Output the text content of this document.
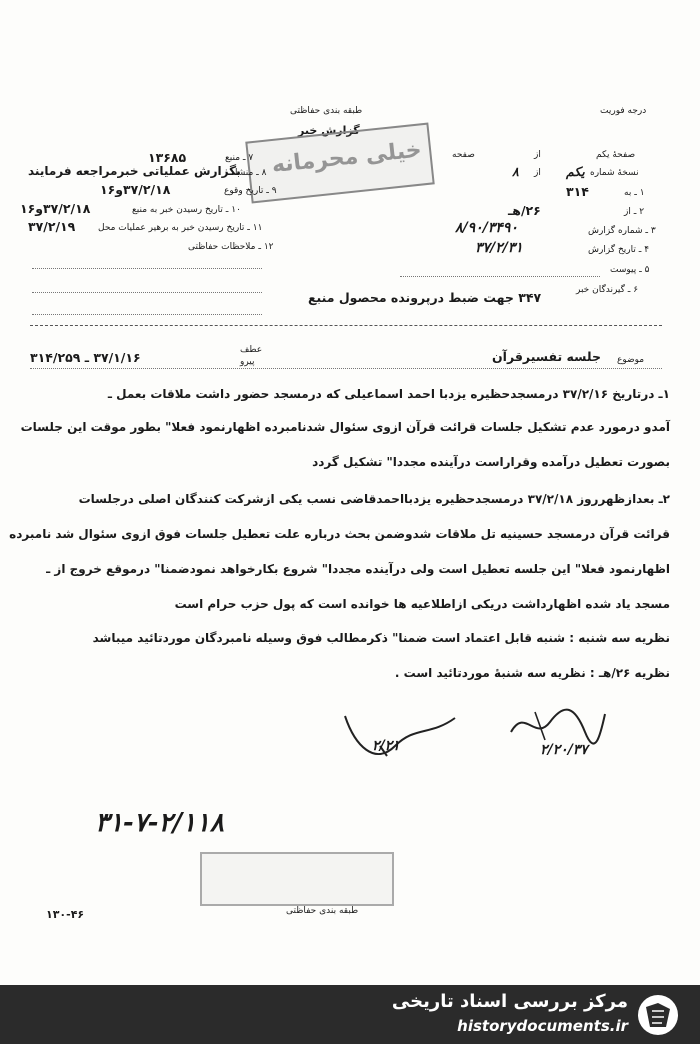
طبقه بندی حفاظتی	درجه فوریت
گزارش خبر
خیلی محرمانه
۷ ـ منبع
۱۳۶۸۵
۸ ـ منشا
بگزارش عملیاتی خبرمراجعه فرمایند
۹ ـ تاریخ وقوع
۳۷/۲/۱۸و۱۶
۱۰ ـ تاریخ رسیدن خبر به منبع
۳۷/۲/۱۸و۱۶
۱۱ ـ تاریخ رسیدن خبر به برهیر عملیات محل
۳۷/۲/۱۹
۱۲ ـ ملاحظات حفاظتی
صفحهٔ یکم
از
صفحه
نسخهٔ شماره
یکم
از
۸
۱ ـ به
۳۱۴
۲ ـ از
۲۶/هـ
۳ ـ شماره گزارش
۸/۹۰/۳۴۹۰
۴ ـ تاریخ گزارش
۳۷/۲/۳۱
۵ ـ پیوست
۶ ـ گیرندگان خبر
۳۴۷ جهت ضبط درپرونده محصول منبع
موضوع
جلسه تفسیرقرآن
عطف
پیرو
۳۷/۱/۱۶ ـ ۳۱۴/۲۵۹
۱ـ درتاریخ ۳۷/۲/۱۶ درمسجدحظیره یزدبا احمد اسماعیلی که درمسجد حضور داشت ملاقات بعمل ـ
آمدو درمورد عدم تشکیل جلسات قرائت قرآن ازوی سئوال شدنامبرده اظهارنمود فعلا" بطور موقت این جلسات
بصورت تعطیل درآمده وقراراست درآینده مجددا" تشکیل گردد
۲ـ بعدازظهرروز ۳۷/۲/۱۸ درمسجدحظیره یزدبااحمدقاضی نسب یکی ازشرکت کنندگان اصلی درجلسات
قرائت قرآن درمسجد حسینیه تل ملاقات شدوضمن بحث درباره علت تعطیل جلسات فوق ازوی سئوال شد نامبرده
اظهارنمود فعلا" این جلسه تعطیل است ولی درآینده مجددا" شروع بکارخواهد نمودضمنا" درموقع خروج از ـ
مسجد یاد شده اظهارداشت دریکی ازاطلاعیه ها خوانده است که پول حزب حرام است
نظریه سه شنبه : شنبه قابل اعتماد است ضمنا" ذکرمطالب فوق وسیله نامبردگان موردتائید میباشد
نظریه ۲۶/هـ : نظریه سه شنبهٔ موردتائید است .
۲/۲۱	۲/۲۰/۳۷
۳۱-۷-۲/۱۱۸
طبقه بندی حفاظتی
۱۳۰-۴۶
مرکز بررسی اسناد تاریخی
historydocuments.ir
